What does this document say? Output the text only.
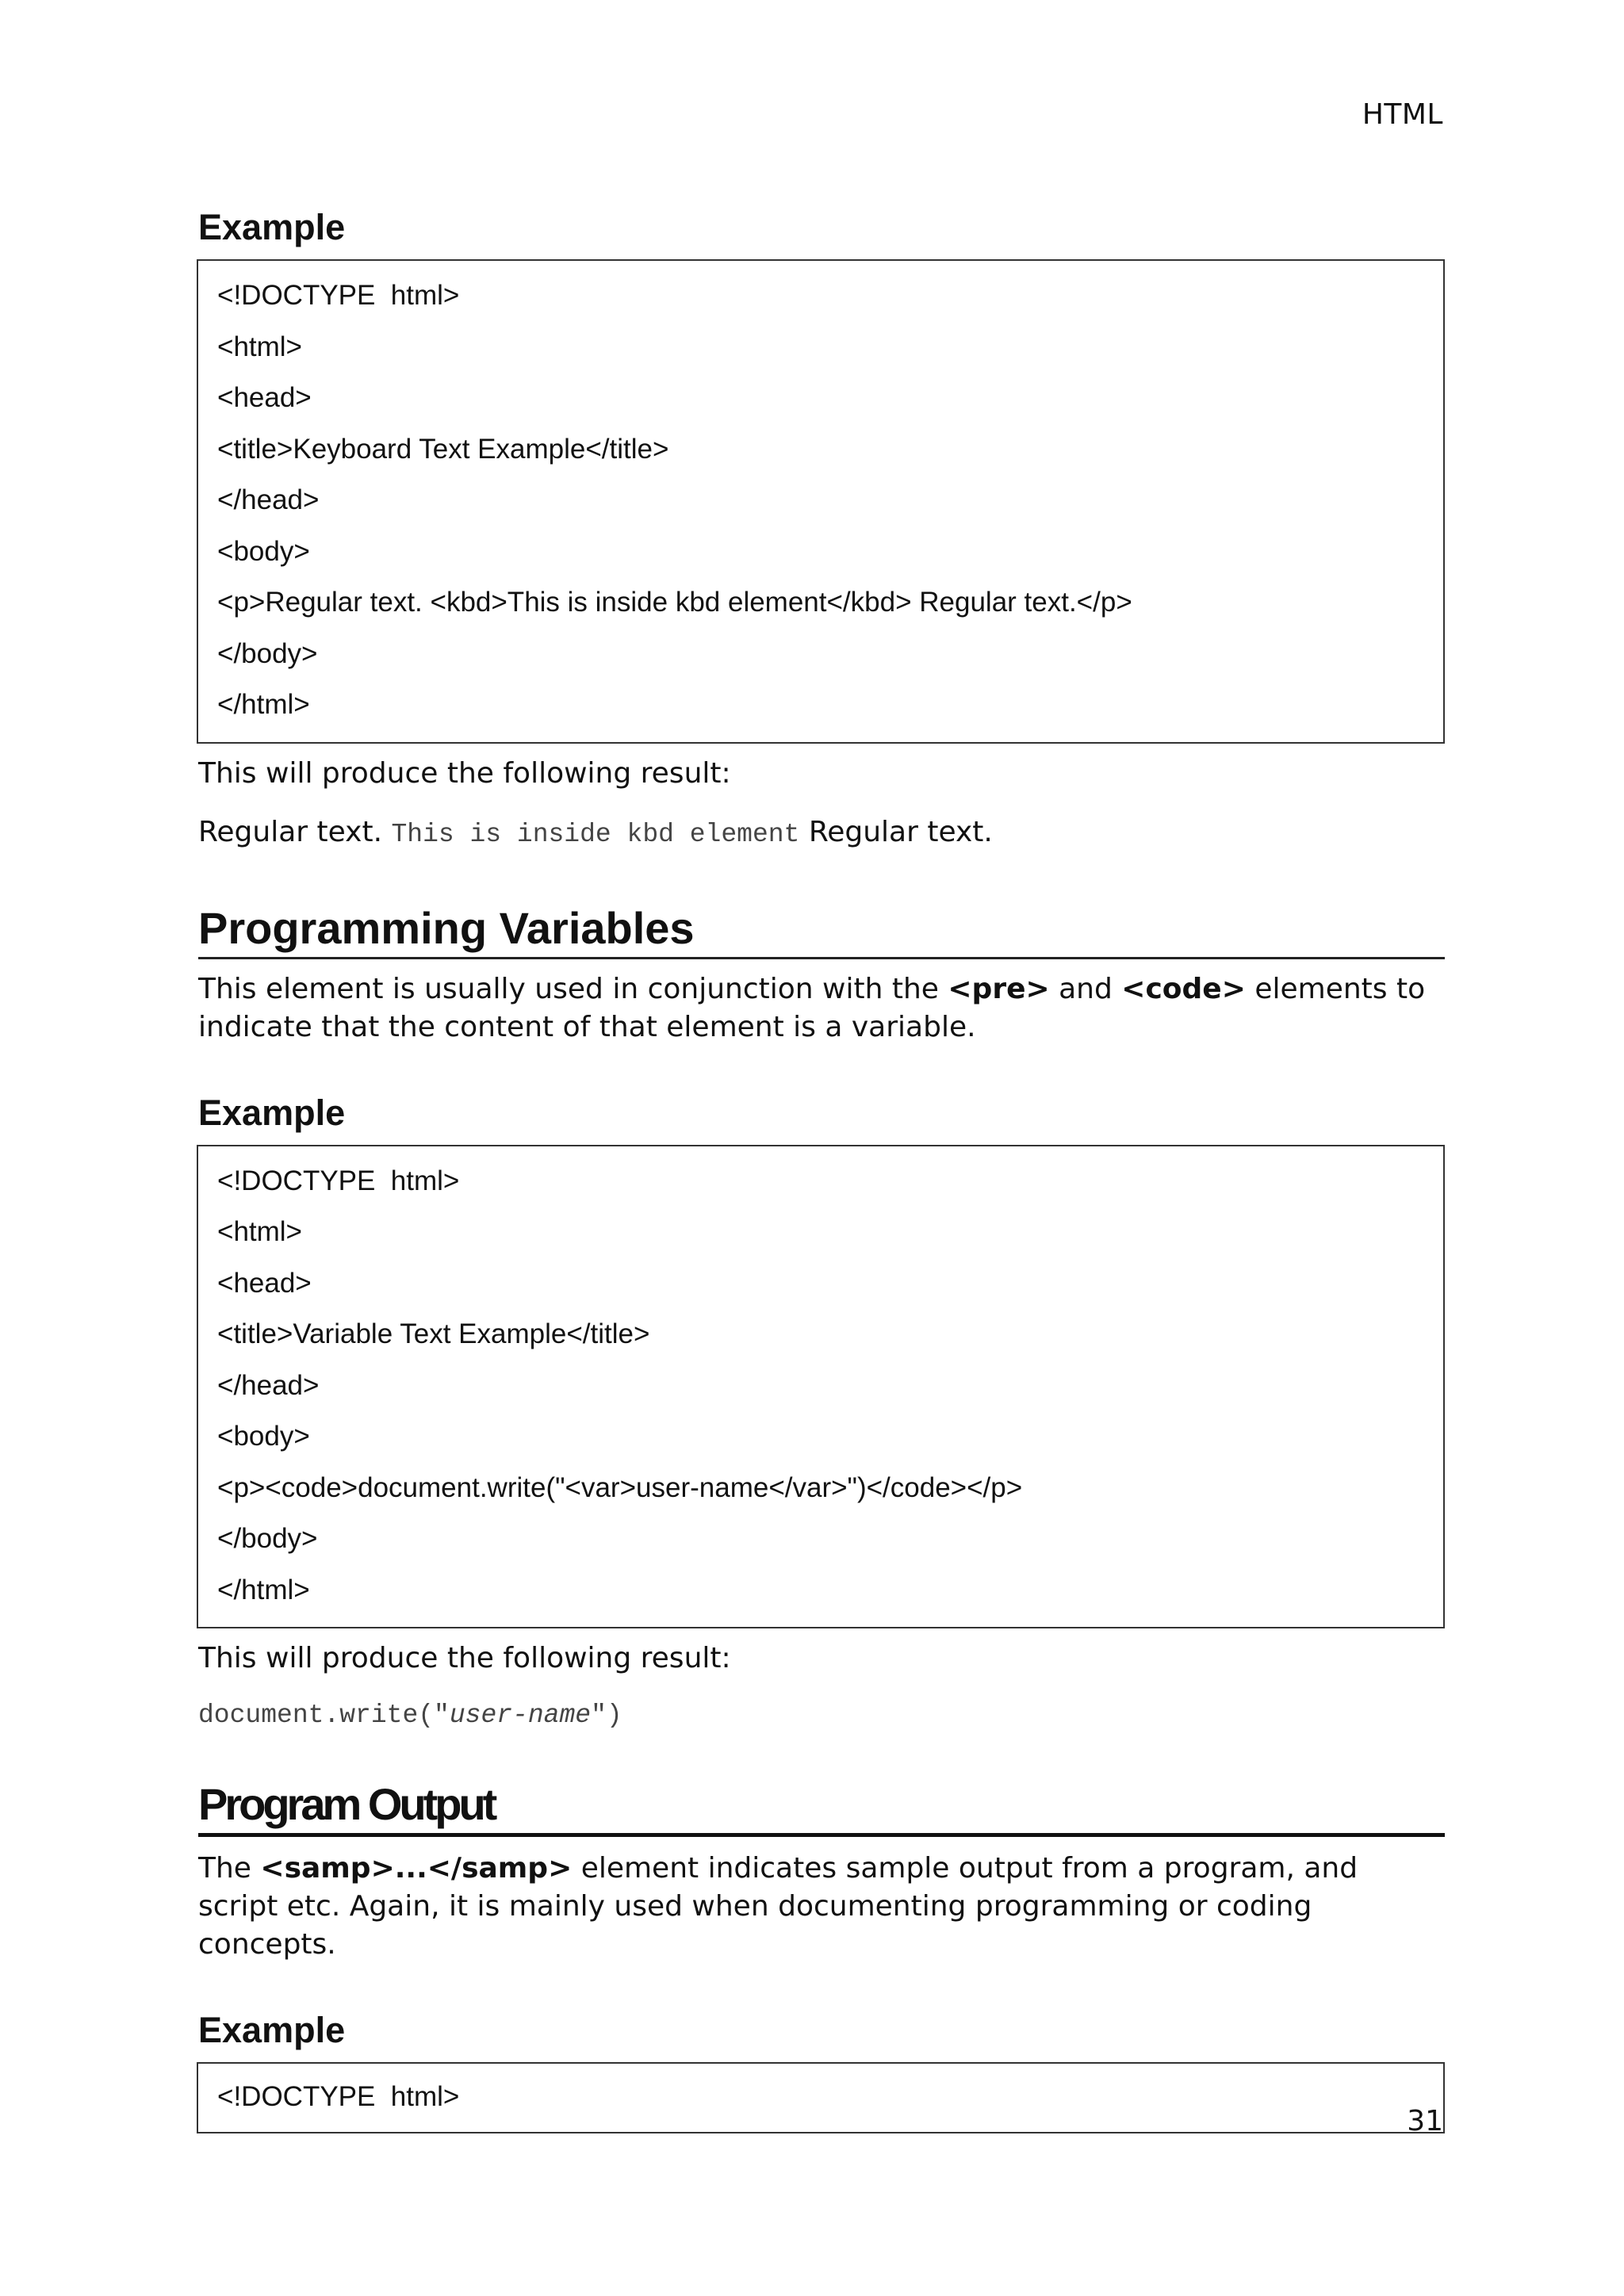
HTML
Example
<!DOCTYPE  html>
<html>
<head>
<title>Keyboard Text Example</title>
</head>
<body>
<p>Regular text. <kbd>This is inside kbd element</kbd> Regular text.</p>
</body>
</html>

This will produce the following result:

Regular text. This is inside kbd element Regular text.
Programming Variables

This element is usually used in conjunction with the <pre> and <code> elements to indicate that the content of that element is a variable.

Example
<!DOCTYPE  html>
<html>
<head>
<title>Variable Text Example</title>
</head>
<body>
<p><code>document.write("<var>user-name</var>")</code></p>
</body>
</html>

This will produce the following result:

document.write("user-name")
Program Output

The <samp>...</samp> element indicates sample output from a program, and script etc. Again, it is mainly used when documenting programming or coding concepts.

Example
<!DOCTYPE  html>
31
